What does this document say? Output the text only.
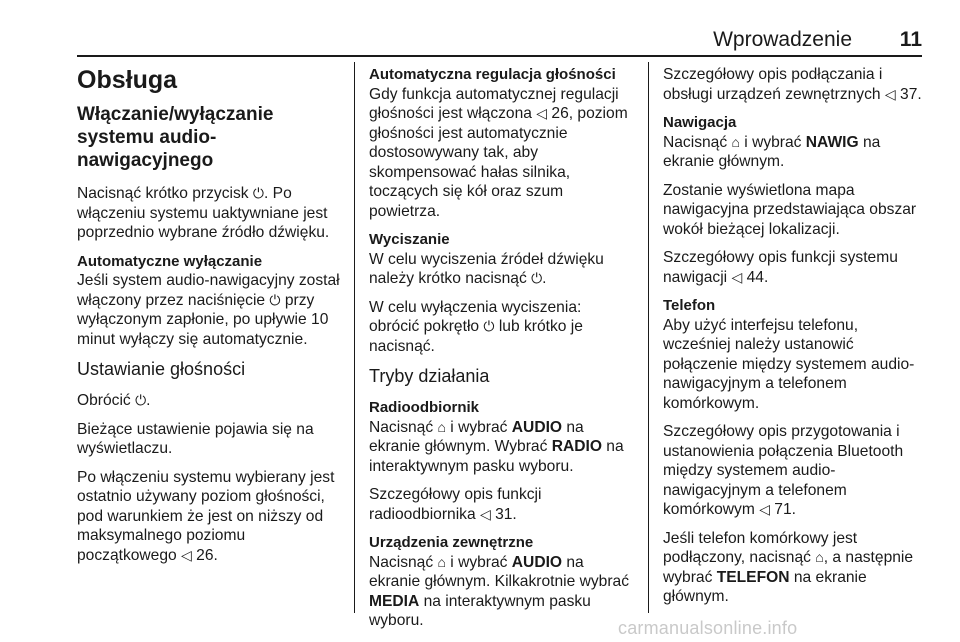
Wprowadzenie 11
Obsługa
Włączanie/wyłączanie systemu audio-nawigacyjnego

Nacisnąć krótko przycisk ⏻. Po włączeniu systemu uaktywniane jest poprzednio wybrane źródło dźwięku.

Automatyczne wyłączanie

Jeśli system audio-nawigacyjny został włączony przez naciśnięcie ⏻ przy wyłączonym zapłonie, po upływie 10 minut wyłączy się automatycznie.

Ustawianie głośności

Obrócić ⏻.

Bieżące ustawienie pojawia się na wyświetlaczu.

Po włączeniu systemu wybierany jest ostatnio używany poziom głośności, pod warunkiem że jest on niższy od maksymalnego poziomu początkowego ◁ 26.

Automatyczna regulacja głośności

Gdy funkcja automatycznej regulacji głośności jest włączona ◁ 26, poziom głośności jest automatycznie dostosowywany tak, aby skompensować hałas silnika, toczących się kół oraz szum powietrza.

Wyciszanie

W celu wyciszenia źródeł dźwięku należy krótko nacisnąć ⏻.

W celu wyłączenia wyciszenia: obrócić pokrętło ⏻ lub krótko je nacisnąć.

Tryby działania
Radioodbiornik

Nacisnąć ⌂ i wybrać AUDIO na ekranie głównym. Wybrać RADIO na interaktywnym pasku wyboru.

Szczegółowy opis funkcji radioodbiornika ◁ 31.

Urządzenia zewnętrzne

Nacisnąć ⌂ i wybrać AUDIO na ekranie głównym. Kilkakrotnie wybrać MEDIA na interaktywnym pasku wyboru.

Szczegółowy opis podłączania i obsługi urządzeń zewnętrznych ◁ 37.

Nawigacja

Nacisnąć ⌂ i wybrać NAWIG na ekranie głównym.

Zostanie wyświetlona mapa nawigacyjna przedstawiająca obszar wokół bieżącej lokalizacji.

Szczegółowy opis funkcji systemu nawigacji ◁ 44.

Telefon

Aby użyć interfejsu telefonu, wcześniej należy ustanowić połączenie między systemem audio-nawigacyjnym a telefonem komórkowym.

Szczegółowy opis przygotowania i ustanowienia połączenia Bluetooth między systemem audio-nawigacyjnym a telefonem komórkowym ◁ 71.

Jeśli telefon komórkowy jest podłączony, nacisnąć ⌂, a następnie wybrać TELEFON na ekranie głównym.

carmanualsonline.info
